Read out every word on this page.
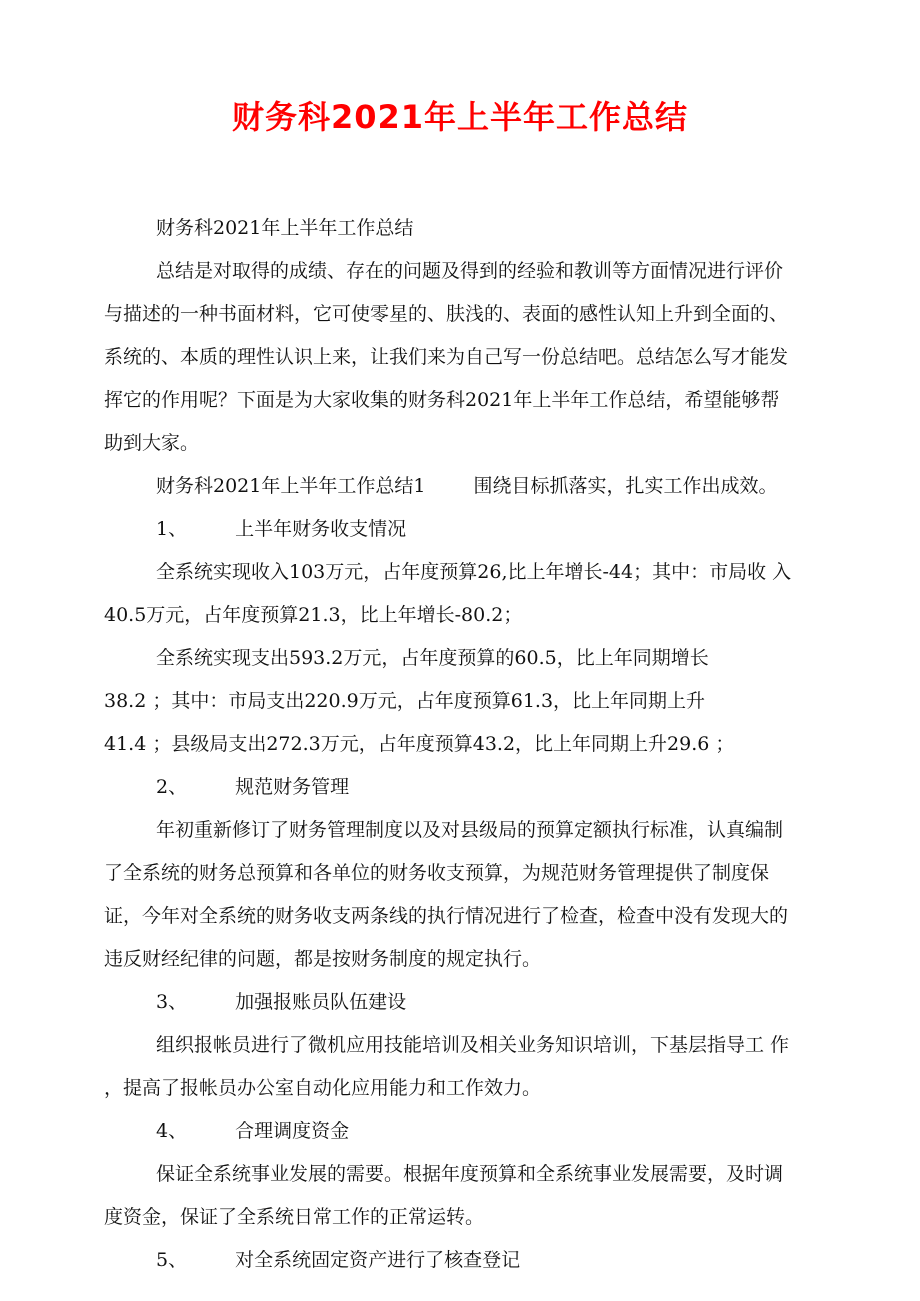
财务科2021年上半年工作总结
财务科2021年上半年工作总结
总结是对取得的成绩、存在的问题及得到的经验和教训等方面情况进行评价
与描述的一种书面材料，它可使零星的、肤浅的、表面的感性认知上升到全面的、
系统的、本质的理性认识上来，让我们来为自己写一份总结吧。总结怎么写才能发
挥它的作用呢？下面是为大家收集的财务科2021年上半年工作总结，希望能够帮
助到大家。
财务科2021年上半年工作总结1	围绕目标抓落实，扎实工作出成效。
1、	上半年财务收支情况
全系统实现收入103万元，占年度预算26,比上年增长-44；其中：市局收 入
40.5万元，占年度预算21.3，比上年增长-80.2；
全系统实现支出593.2万元，占年度预算的60.5，比上年同期增长
38.2 ；其中：市局支出220.9万元，占年度预算61.3，比上年同期上升
41.4 ；县级局支出272.3万元，占年度预算43.2，比上年同期上升29.6 ；
2、	规范财务管理
年初重新修订了财务管理制度以及对县级局的预算定额执行标准，认真编制
了全系统的财务总预算和各单位的财务收支预算，为规范财务管理提供了制度保
证，今年对全系统的财务收支两条线的执行情况进行了检查，检查中没有发现大的
违反财经纪律的问题，都是按财务制度的规定执行。
3、	加强报账员队伍建设
组织报帐员进行了微机应用技能培训及相关业务知识培训，下基层指导工 作
，提高了报帐员办公室自动化应用能力和工作效力。
4、	合理调度资金
保证全系统事业发展的需要。根据年度预算和全系统事业发展需要，及时调
度资金，保证了全系统日常工作的正常运转。
5、	对全系统固定资产进行了核查登记
